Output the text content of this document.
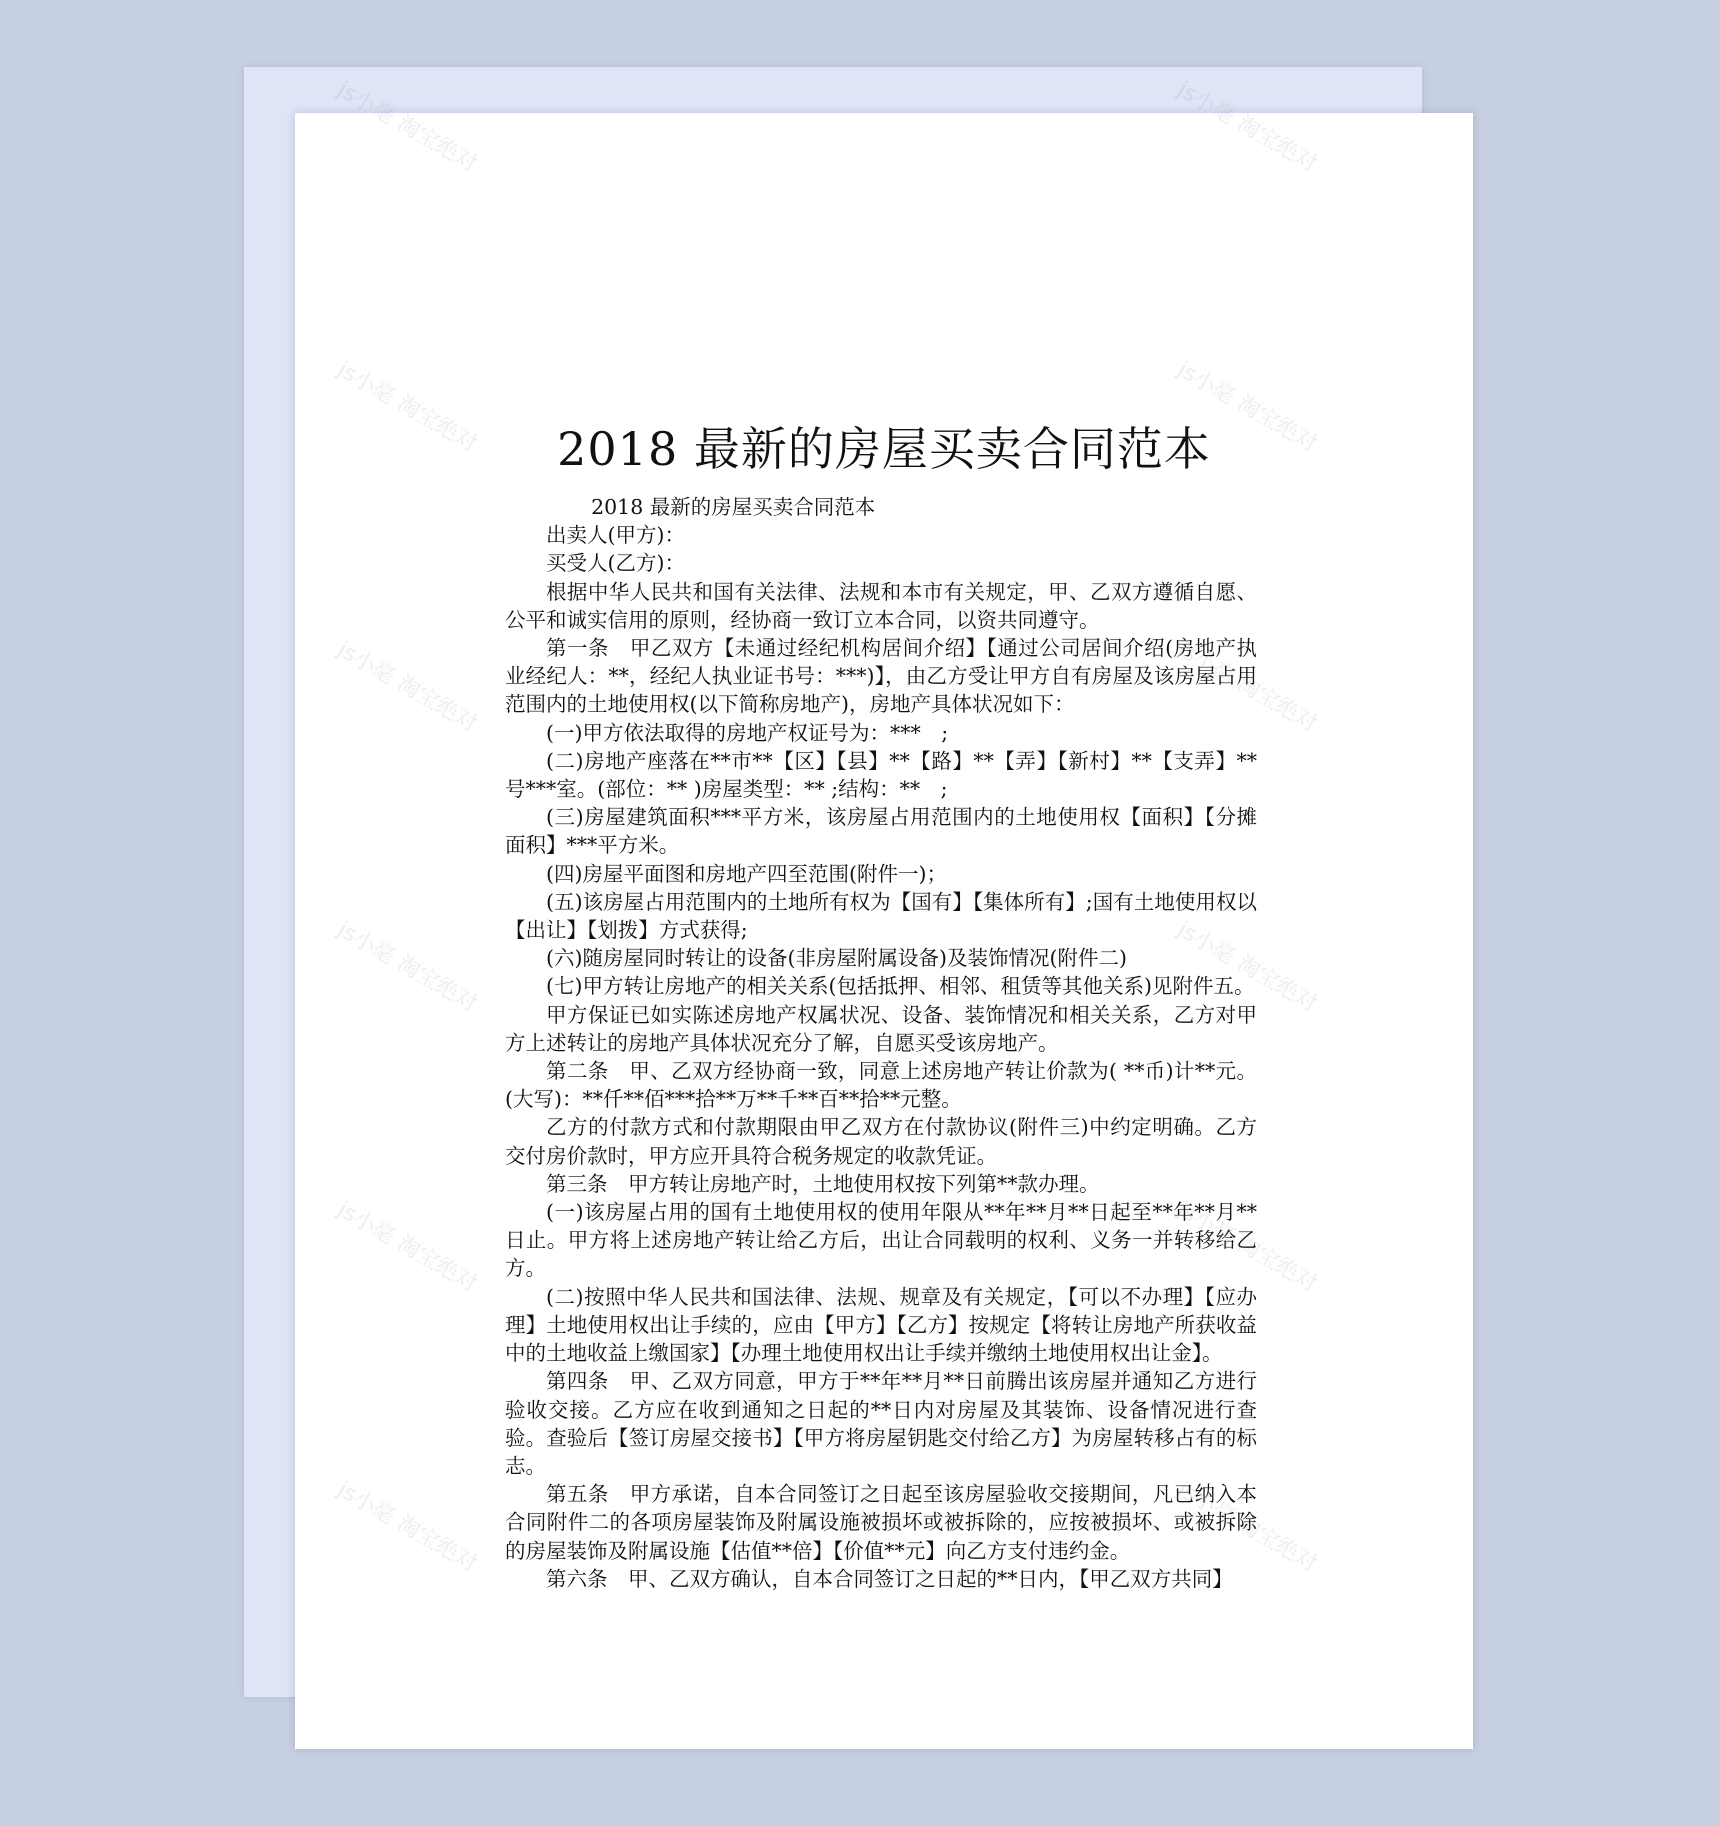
2018 最新的房屋买卖合同范本

2018 最新的房屋买卖合同范本

出卖人(甲方)：

买受人(乙方)：

根据中华人民共和国有关法律、法规和本市有关规定，甲、乙双方遵循自愿、公平和诚实信用的原则，经协商一致订立本合同，以资共同遵守。

第一条　甲乙双方【未通过经纪机构居间介绍】【通过公司居间介绍(房地产执业经纪人：**，经纪人执业证书号：***)】，由乙方受让甲方自有房屋及该房屋占用范围内的土地使用权(以下简称房地产)，房地产具体状况如下：

(一)甲方依法取得的房地产权证号为：***　;

(二)房地产座落在**市**【区】【县】**【路】**【弄】【新村】**【支弄】**号***室。(部位：** )房屋类型：** ;结构：**　;

(三)房屋建筑面积***平方米，该房屋占用范围内的土地使用权【面积】【分摊面积】***平方米。

(四)房屋平面图和房地产四至范围(附件一)；

(五)该房屋占用范围内的土地所有权为【国有】【集体所有】;国有土地使用权以【出让】【划拨】方式获得;

(六)随房屋同时转让的设备(非房屋附属设备)及装饰情况(附件二)

(七)甲方转让房地产的相关关系(包括抵押、相邻、租赁等其他关系)见附件五。

甲方保证已如实陈述房地产权属状况、设备、装饰情况和相关关系，乙方对甲方上述转让的房地产具体状况充分了解，自愿买受该房地产。

第二条　甲、乙双方经协商一致，同意上述房地产转让价款为( **币)计**元。(大写)：**仟**佰***拾**万**千**百**拾**元整。

乙方的付款方式和付款期限由甲乙双方在付款协议(附件三)中约定明确。乙方交付房价款时，甲方应开具符合税务规定的收款凭证。

第三条　甲方转让房地产时，土地使用权按下列第**款办理。

(一)该房屋占用的国有土地使用权的使用年限从**年**月**日起至**年**月**日止。甲方将上述房地产转让给乙方后，出让合同载明的权利、义务一并转移给乙方。

(二)按照中华人民共和国法律、法规、规章及有关规定，【可以不办理】【应办理】土地使用权出让手续的，应由【甲方】【乙方】按规定【将转让房地产所获收益中的土地收益上缴国家】【办理土地使用权出让手续并缴纳土地使用权出让金】。

第四条　甲、乙双方同意，甲方于**年**月**日前腾出该房屋并通知乙方进行验收交接。乙方应在收到通知之日起的**日内对房屋及其装饰、设备情况进行查验。查验后【签订房屋交接书】【甲方将房屋钥匙交付给乙方】为房屋转移占有的标志。

第五条　甲方承诺，自本合同签订之日起至该房屋验收交接期间，凡已纳入本合同附件二的各项房屋装饰及附属设施被损坏或被拆除的，应按被损坏、或被拆除的房屋装饰及附属设施【估值**倍】【价值**元】向乙方支付违约金。

第六条　甲、乙双方确认，自本合同签订之日起的**日内，【甲乙双方共同】
